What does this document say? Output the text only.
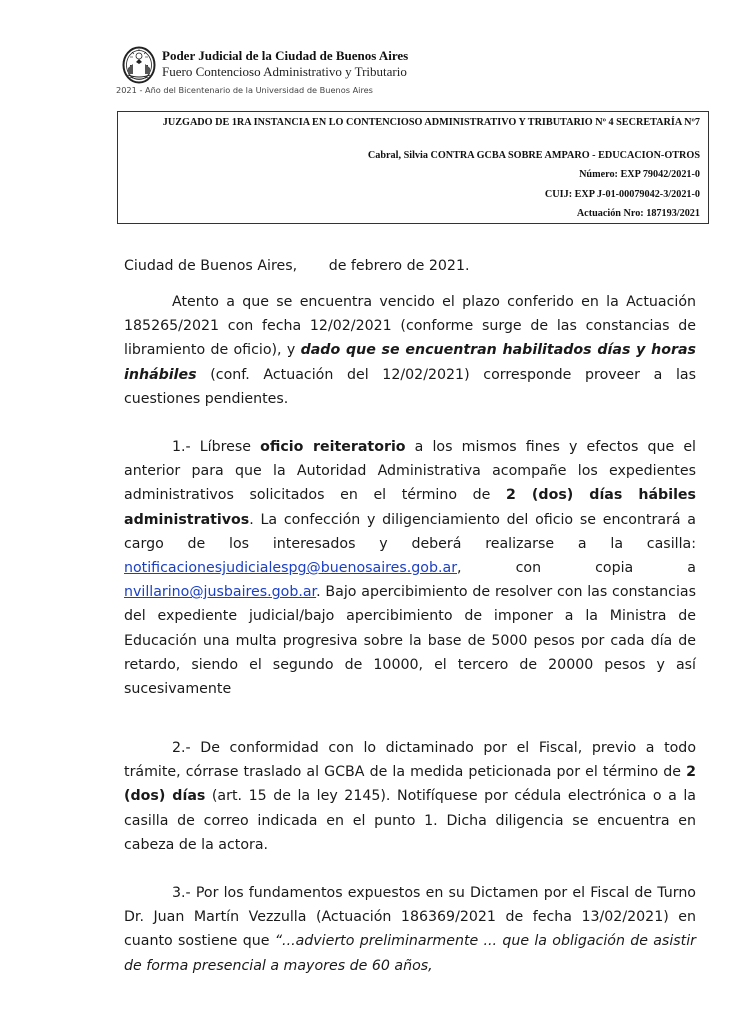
Poder Judicial de la Ciudad de Buenos Aires
Fuero Contencioso Administrativo y Tributario
2021 - Año del Bicentenario de la Universidad de Buenos Aires
JUZGADO DE 1RA INSTANCIA EN LO CONTENCIOSO ADMINISTRATIVO Y TRIBUTARIO Nº 4 SECRETARÍA Nº7
Cabral, Silvia CONTRA GCBA SOBRE AMPARO - EDUCACION-OTROS
Número: EXP 79042/2021-0
CUIJ: EXP J-01-00079042-3/2021-0
Actuación Nro: 187193/2021
Ciudad de Buenos Aires,       de febrero de 2021.
Atento a que se encuentra vencido el plazo conferido en la Actuación 185265/2021 con fecha 12/02/2021 (conforme surge de las constancias de libramiento de oficio), y dado que se encuentran habilitados días y horas inhábiles (conf. Actuación del 12/02/2021) corresponde proveer a las cuestiones pendientes.
1.- Líbrese oficio reiteratorio a los mismos fines y efectos que el anterior para que la Autoridad Administrativa acompañe los expedientes administrativos solicitados en el término de 2 (dos) días hábiles administrativos. La confección y diligenciamiento del oficio se encontrará a cargo de los interesados y deberá realizarse a la casilla: notificacionesjudicialespg@buenosaires.gob.ar, con copia a nvillarino@jusbaires.gob.ar. Bajo apercibimiento de resolver con las constancias del expediente judicial/bajo apercibimiento de imponer a la Ministra de Educación una multa progresiva sobre la base de 5000 pesos por cada día de retardo, siendo el segundo de 10000, el tercero de 20000 pesos y así sucesivamente
2.- De conformidad con lo dictaminado por el Fiscal, previo a todo trámite, córrase traslado al GCBA de la medida peticionada por el término de 2 (dos) días (art. 15 de la ley 2145). Notifíquese por cédula electrónica o a la casilla de correo indicada en el punto 1. Dicha diligencia se encuentra en cabeza de la actora.
3.- Por los fundamentos expuestos en su Dictamen por el Fiscal de Turno Dr. Juan Martín Vezzulla (Actuación 186369/2021 de fecha 13/02/2021) en cuanto sostiene que “...advierto preliminarmente ... que la obligación de asistir de forma presencial a mayores de 60 años,
